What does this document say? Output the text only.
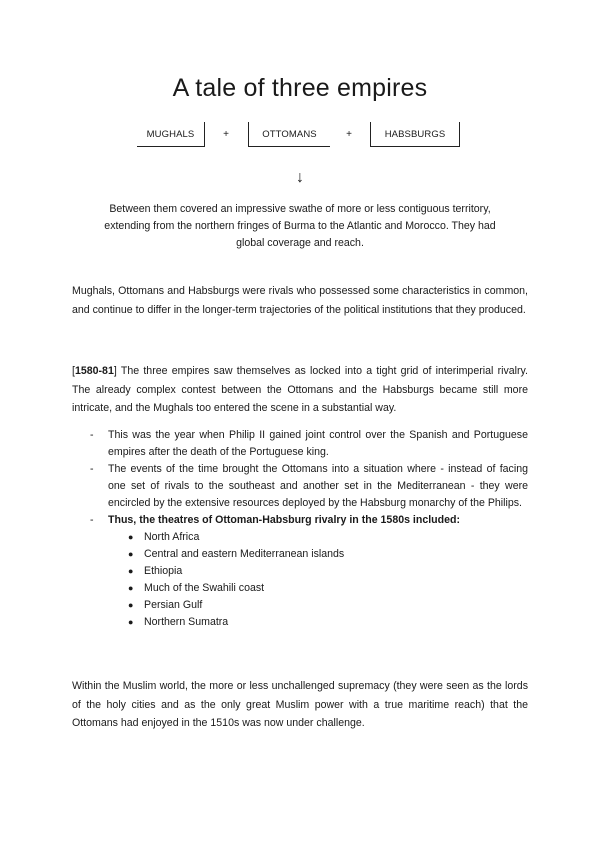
A tale of three empires
MUGHALS	+	OTTOMANS	+	HABSBURGS
↓

Between them covered an impressive swathe of more or less contiguous territory, extending from the northern fringes of Burma to the Atlantic and Morocco. They had global coverage and reach.

Mughals, Ottomans and Habsburgs were rivals who possessed some characteristics in common, and continue to differ in the longer-term trajectories of the political institutions that they produced.

[1580-81] The three empires saw themselves as locked into a tight grid of interimperial rivalry. The already complex contest between the Ottomans and the Habsburgs became still more intricate, and the Mughals too entered the scene in a substantial way.

- This was the year when Philip II gained joint control over the Spanish and Portuguese empires after the death of the Portuguese king.
- The events of the time brought the Ottomans into a situation where - instead of facing one set of rivals to the southeast and another set in the Mediterranean - they were encircled by the extensive resources deployed by the Habsburg monarchy of the Philips.
- Thus, the theatres of Ottoman-Habsburg rivalry in the 1580s included:
● North Africa
● Central and eastern Mediterranean islands
● Ethiopia
● Much of the Swahili coast
● Persian Gulf
● Northern Sumatra

Within the Muslim world, the more or less unchallenged supremacy (they were seen as the lords of the holy cities and as the only great Muslim power with a true maritime reach) that the Ottomans had enjoyed in the 1510s was now under challenge.
